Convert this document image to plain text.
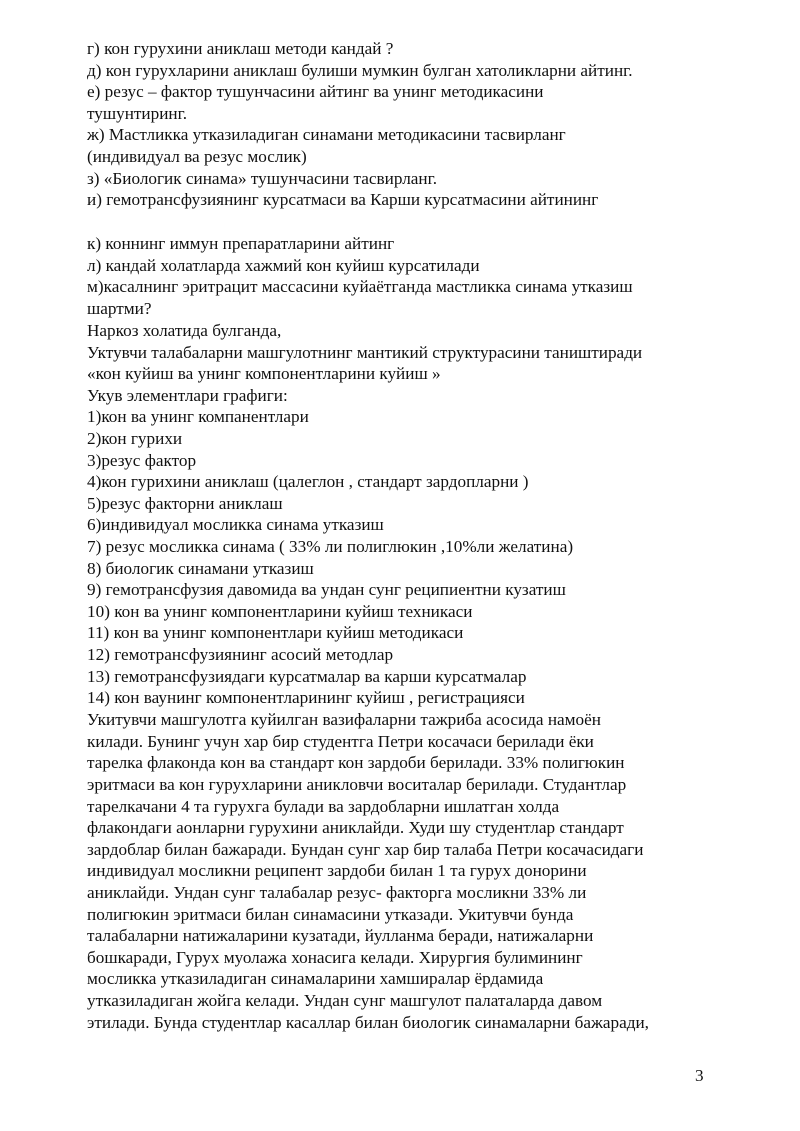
г) кон гурухини аниклаш методи кандай ?
д) кон гурухларини аниклаш булиши мумкин булган хатоликларни айтинг.
е) резус – фактор тушунчасини айтинг ва унинг методикасини
тушунтиринг.
ж) Мастликка утказиладиган синамани методикасини тасвирланг
(индивидуал ва резус мослик)
з) «Биологик синама» тушунчасини тасвирланг.
и) гемотрансфузиянинг курсатмаси ва Карши курсатмасини айтининг
к) коннинг иммун препаратларини айтинг
л) кандай холатларда хажмий кон куйиш курсатилади
м)касалнинг эритрацит массасини куйаётганда мастликка синама утказиш
шартми?
Наркоз холатида булганда,
Уктувчи талабаларни машгулотнинг мантикий структурасини таништиради
«кон куйиш ва унинг компонентларини куйиш »
Укув элементлари графиги:
1)кон ва унинг компанентлари
2)кон гурихи
3)резус фактор
4)кон гурихини аниклаш (цалеглон , стандарт зардопларни )
5)резус факторни аниклаш
6)индивидуал мосликка синама утказиш
7) резус мосликка синама ( 33% ли полиглюкин ,10%ли желатина)
8) биологик синамани утказиш
9) гемотрансфузия давомида ва ундан сунг реципиентни кузатиш
10) кон ва унинг компонентларини куйиш техникаси
11) кон ва унинг компонентлари куйиш методикаси
12) гемотрансфузиянинг асосий методлар
13) гемотрансфузиядаги курсатмалар ва карши курсатмалар
14) кон ваунинг компонентларининг куйиш , регистрацияси
Укитувчи машгулотга куйилган вазифаларни тажриба асосида намоён
килади. Бунинг учун хар бир студентга Петри косачаси берилади ёки
тарелка флаконда кон ва стандарт кон зардоби берилади. 33% полигюкин
эритмаси ва кон гурухларини аникловчи воситалар берилади. Студантлар
тарелкачани 4 та гурухга булади ва зардобларни ишлатган холда
флакондаги аонларни гурухини аниклайди. Худи шу студентлар стандарт
зардоблар билан бажаради. Бундан сунг хар бир талаба Петри косачасидаги
индивидуал мосликни реципент зардоби билан 1 та гурух донорини
аниклайди. Ундан сунг талабалар резус- факторга мосликни 33% ли
полигюкин эритмаси билан синамасини утказади. Укитувчи бунда
талабаларни натижаларини кузатади, йулланма беради, натижаларни
бошкаради, Гурух муолажа хонасига келади. Хирургия булимининг
мосликка утказиладиган синамаларини хамширалар ёрдамида
утказиладиган жойга келади. Ундан сунг машгулот палаталарда давом
этилади. Бунда студентлар касаллар билан биологик синамаларни бажаради,
3
